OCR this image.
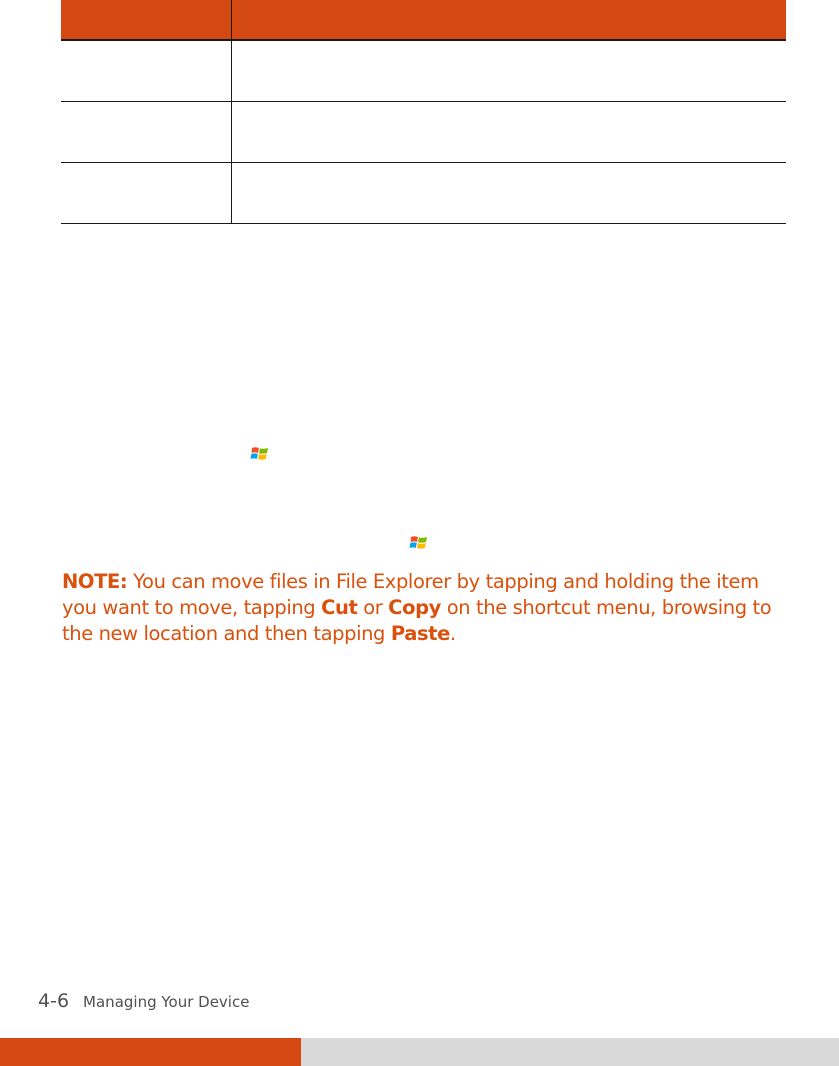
NOTE: You can move files in File Explorer by tapping and holding the item you want to move, tapping Cut or Copy on the shortcut menu, browsing to the new location and then tapping Paste.
4-6 Managing Your Device
